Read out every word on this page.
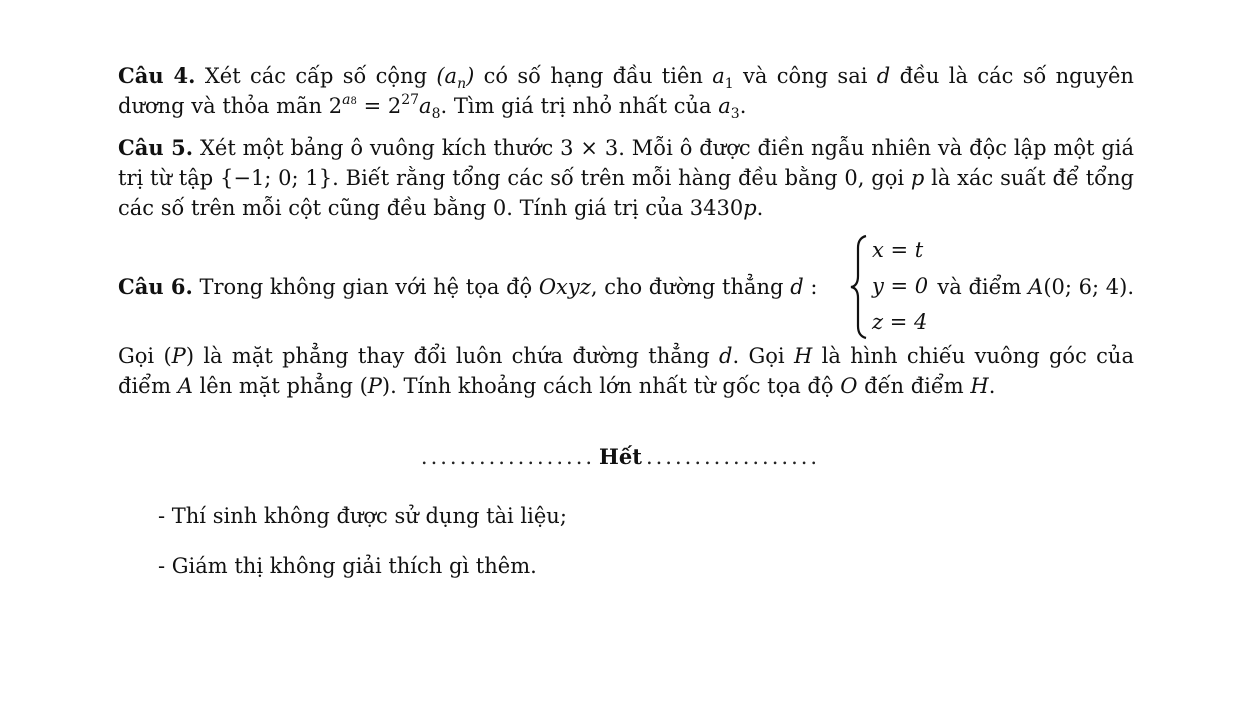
Câu 4. Xét các cấp số cộng $(a_n)$ có số hạng đầu tiên $a_1$ và công sai d đều là các số nguyên dương và thỏa mãn $2^{a8} = 2^{27}a_8$. Tìm giá trị nhỏ nhất của $a_3$.
Câu 5. Xét một bảng ô vuông kích thước 3 × 3. Mỗi ô được điền ngẫu nhiên và độc lập một giá trị từ tập {−1; 0; 1}. Biết rằng tổng các số trên mỗi hàng đều bằng 0, gọi p là xác suất để tổng các số trên mỗi cột cũng đều bằng 0. Tính giá trị của 3430p.
Câu 6. Trong không gian với hệ tọa độ Oxyz, cho đường thẳng d :
x = t
y = 0
z = 4
và điểm A(0; 6; 4).
Gọi (P) là mặt phẳng thay đổi luôn chứa đường thẳng d. Gọi H là hình chiếu vuông góc của điểm A lên mặt phẳng (P). Tính khoảng cách lớn nhất từ gốc tọa độ O đến điểm H.
.................. Hết ..................
- Thí sinh không được sử dụng tài liệu;
- Giám thị không giải thích gì thêm.
